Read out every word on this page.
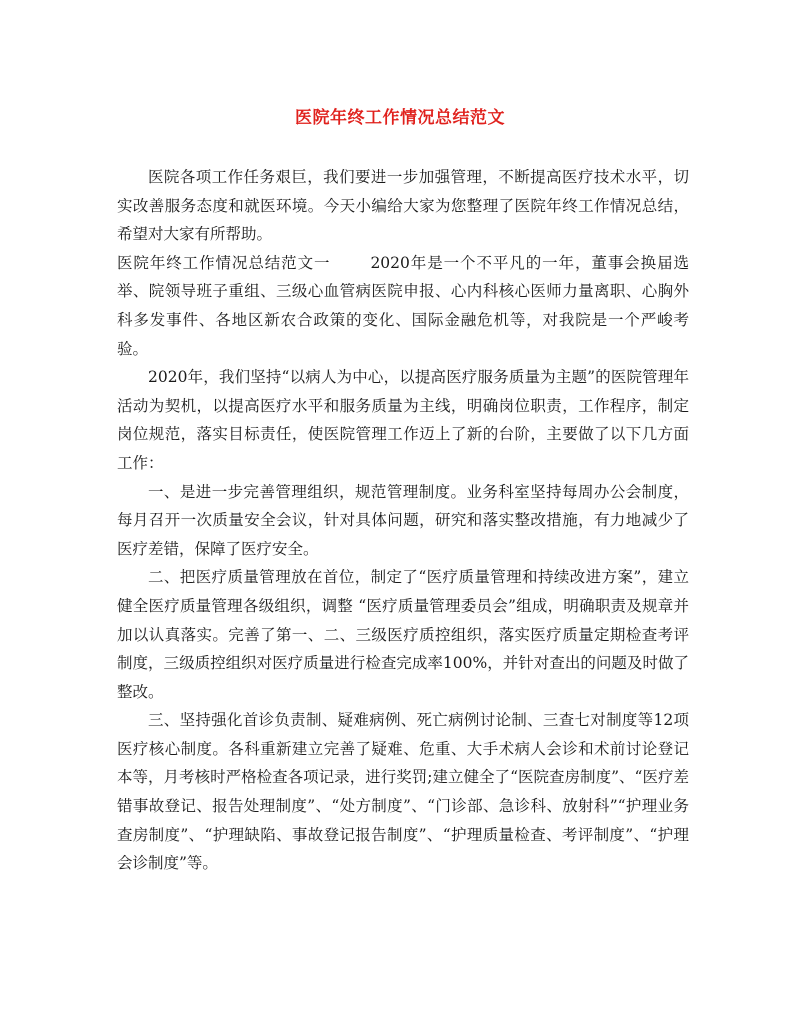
医院年终工作情况总结范文

医院各项工作任务艰巨，我们要进一步加强管理，不断提高医疗技术水平，切实改善服务态度和就医环境。今天小编给大家为您整理了医院年终工作情况总结，希望对大家有所帮助。

医院年终工作情况总结范文一	2020年是一个不平凡的一年，董事会换届选举、院领导班子重组、三级心血管病医院申报、心内科核心医师力量离职、心胸外科多发事件、各地区新农合政策的变化、国际金融危机等，对我院是一个严峻考验。

2020年，我们坚持“以病人为中心，以提高医疗服务质量为主题”的医院管理年活动为契机，以提高医疗水平和服务质量为主线，明确岗位职责，工作程序，制定岗位规范，落实目标责任，使医院管理工作迈上了新的台阶，主要做了以下几方面工作：

一、是进一步完善管理组织，规范管理制度。业务科室坚持每周办公会制度，每月召开一次质量安全会议，针对具体问题，研究和落实整改措施，有力地减少了医疗差错，保障了医疗安全。

二、把医疗质量管理放在首位，制定了“医疗质量管理和持续改进方案”，建立健全医疗质量管理各级组织，调整 “医疗质量管理委员会”组成，明确职责及规章并加以认真落实。完善了第一、二、三级医疗质控组织，落实医疗质量定期检查考评制度，三级质控组织对医疗质量进行检查完成率100%，并针对查出的问题及时做了整改。

三、坚持强化首诊负责制、疑难病例、死亡病例讨论制、三查七对制度等12项医疗核心制度。各科重新建立完善了疑难、危重、大手术病人会诊和术前讨论登记本等，月考核时严格检查各项记录，进行奖罚;建立健全了“医院查房制度”、“医疗差错事故登记、报告处理制度”、“处方制度”、“门诊部、急诊科、放射科”“护理业务查房制度”、“护理缺陷、事故登记报告制度”、“护理质量检查、考评制度”、“护理会诊制度”等。
